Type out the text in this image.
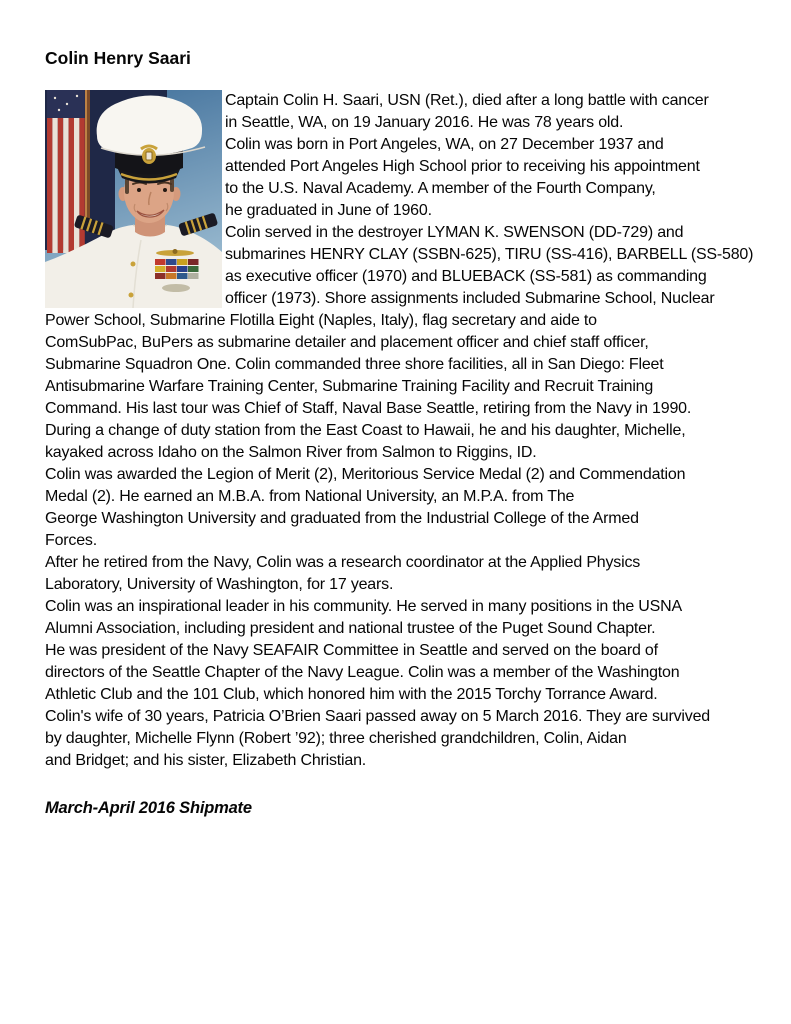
Colin Henry Saari
Captain Colin H. Saari, USN (Ret.), died after a long battle with cancer
in Seattle, WA, on 19 January 2016. He was 78 years old.
Colin was born in Port Angeles, WA, on 27 December 1937 and
attended Port Angeles High School prior to receiving his appointment
to the U.S. Naval Academy. A member of the Fourth Company,
he graduated in June of 1960.
Colin served in the destroyer LYMAN K. SWENSON (DD-729) and
submarines HENRY CLAY (SSBN-625), TIRU (SS-416), BARBELL (SS-580)
as executive officer (1970) and BLUEBACK (SS-581) as commanding
officer (1973). Shore assignments included Submarine School, Nuclear
Power School, Submarine Flotilla Eight (Naples, Italy), flag secretary and aide to
ComSubPac, BuPers as submarine detailer and placement officer and chief staff officer,
Submarine Squadron One. Colin commanded three shore facilities, all in San Diego: Fleet
Antisubmarine Warfare Training Center, Submarine Training Facility and Recruit Training
Command. His last tour was Chief of Staff, Naval Base Seattle, retiring from the Navy in 1990.
During a change of duty station from the East Coast to Hawaii, he and his daughter, Michelle,
kayaked across Idaho on the Salmon River from Salmon to Riggins, ID.
Colin was awarded the Legion of Merit (2), Meritorious Service Medal (2) and Commendation
Medal (2). He earned an M.B.A. from National University, an M.P.A. from The
George Washington University and graduated from the Industrial College of the Armed
Forces.
After he retired from the Navy, Colin was a research coordinator at the Applied Physics
Laboratory, University of Washington, for 17 years.
Colin was an inspirational leader in his community. He served in many positions in the USNA
Alumni Association, including president and national trustee of the Puget Sound Chapter.
He was president of the Navy SEAFAIR Committee in Seattle and served on the board of
directors of the Seattle Chapter of the Navy League. Colin was a member of the Washington
Athletic Club and the 101 Club, which honored him with the 2015 Torchy Torrance Award.
Colin's wife of 30 years, Patricia O’Brien Saari passed away on 5 March 2016. They are survived
by daughter, Michelle Flynn (Robert ’92); three cherished grandchildren, Colin, Aidan
and Bridget; and his sister, Elizabeth Christian.
March-April 2016 Shipmate
